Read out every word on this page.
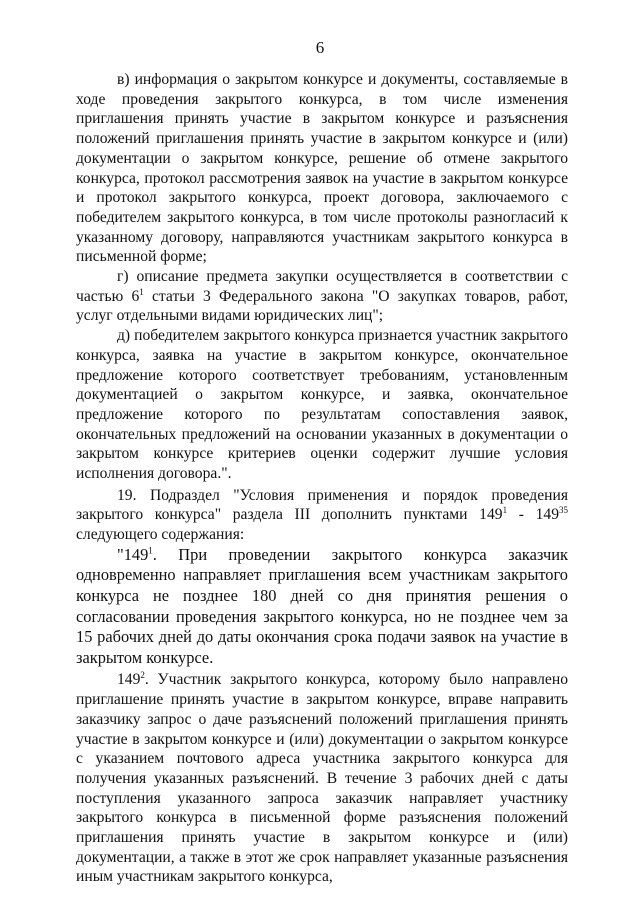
6

в) информация о закрытом конкурсе и документы, составляемые в ходе проведения закрытого конкурса, в том числе изменения приглашения принять участие в закрытом конкурсе и разъяснения положений приглашения принять участие в закрытом конкурсе и (или) документации о закрытом конкурсе, решение об отмене закрытого конкурса, протокол рассмотрения заявок на участие в закрытом конкурсе и протокол закрытого конкурса, проект договора, заключаемого с победителем закрытого конкурса, в том числе протоколы разногласий к указанному договору, направляются участникам закрытого конкурса в письменной форме;

г) описание предмета закупки осуществляется в соответствии с частью $6^1$ статьи 3 Федерального закона "О закупках товаров, работ, услуг отдельными видами юридических лиц";

д) победителем закрытого конкурса признается участник закрытого конкурса, заявка на участие в закрытом конкурсе, окончательное предложение которого соответствует требованиям, установленным документацией о закрытом конкурсе, и заявка, окончательное предложение которого по результатам сопоставления заявок, окончательных предложений на основании указанных в документации о закрытом конкурсе критериев оценки содержит лучшие условия исполнения договора.".

19. Подраздел "Условия применения и порядок проведения закрытого конкурса" раздела III дополнить пунктами $149^1 - 149^{35}$ следующего содержания:

"$149^1$. При проведении закрытого конкурса заказчик одновременно направляет приглашения всем участникам закрытого конкурса не позднее 180 дней со дня принятия решения о согласовании проведения закрытого конкурса, но не позднее чем за 15 рабочих дней до даты окончания срока подачи заявок на участие в закрытом конкурсе.

$149^2$. Участник закрытого конкурса, которому было направлено приглашение принять участие в закрытом конкурсе, вправе направить заказчику запрос о даче разъяснений положений приглашения принять участие в закрытом конкурсе и (или) документации о закрытом конкурсе с указанием почтового адреса участника закрытого конкурса для получения указанных разъяснений. В течение 3 рабочих дней с даты поступления указанного запроса заказчик направляет участнику закрытого конкурса в письменной форме разъяснения положений приглашения принять участие в закрытом конкурсе и (или) документации, а также в этот же срок направляет указанные разъяснения иным участникам закрытого конкурса,
